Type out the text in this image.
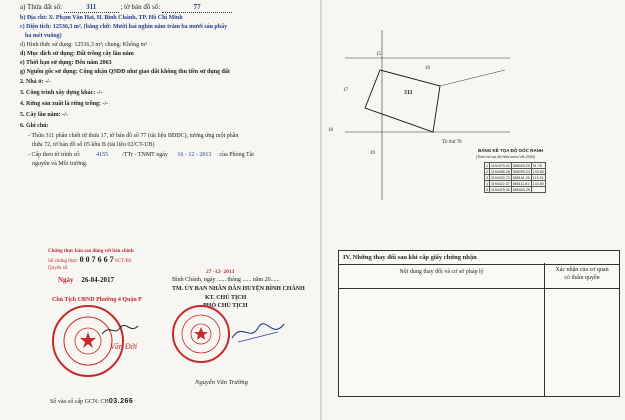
a) Thửa đất số:	311	; tờ bản đồ số:	77
b) Địa chỉ: X. Phạm Văn Hai, H. Bình Chánh, TP. Hồ Chí Minh
c) Diện tích: 12536,3 m², (bằng chữ: Mười hai nghìn năm trăm ba mươi sáu phẩy
ba mét vuông)
d) Hình thức sử dụng: 12536,3 m²; chung: Không m²
đ) Mục đích sử dụng: Đất trồng cây lâu năm
e) Thời hạn sử dụng: Đến năm 2063
g) Nguồn gốc sử dụng: Công nhận QSDĐ như giao đất không thu tiền sử dụng đất
2. Nhà ở: -/-
3. Công trình xây dựng khác: -/-
4. Rừng sản xuất là rừng trồng: -/-
5. Cây lâu năm: -/-
6. Ghi chú:
- Thửa 311 phân chiết từ thửa 17, tờ bản đồ số 77 (tài liệu BĐĐC), tương ứng một phần
thửa 72, tờ bản đồ số 05 khu B (tài liệu 02/CT-UB)
- Cấp theo tờ trình số:	4155 /TTr - TNMT ngày 16 - 12 - 2013 của Phòng Tài
nguyên và Môi trường.
15
16
17	311
18
19
Tb thử 78
BẢNG KÊ TỌA ĐỘ GÓC RANH
(Theo hệ tọa độ Nhà nước VN-2000)
1	1194479.43	585003.29	91.76
2	1194456.28	585093.24	133.80
3	1194320.73	585161.29	113.31
4	1194422.37	585111.81	133.80
5	1194479.43	585003.29	
Chứng thực bản sao đúng với bản chính
Số chứng thực: 0 0 7 6 6 7 SCT/BS
Quyển số:
Ngày 26-04-2017
Chủ Tịch UBND Phường 4 Quận P
Văn Đời
27 -12- 2013
Bình Chánh, ngày ...... tháng ...... năm 20......
TM. ỦY BAN NHÂN DÂN HUYỆN BÌNH CHÁNH
KT. CHỦ TỊCH
PHÓ CHỦ TỊCH
Nguyễn Văn Trường
Số vào sổ cấp GCN: CH03.266
IV. Những thay đổi sau khi cấp giấy chứng nhận
Nội dung thay đổi và cơ sở pháp lý	Xác nhận của cơ quan
có thẩm quyền
